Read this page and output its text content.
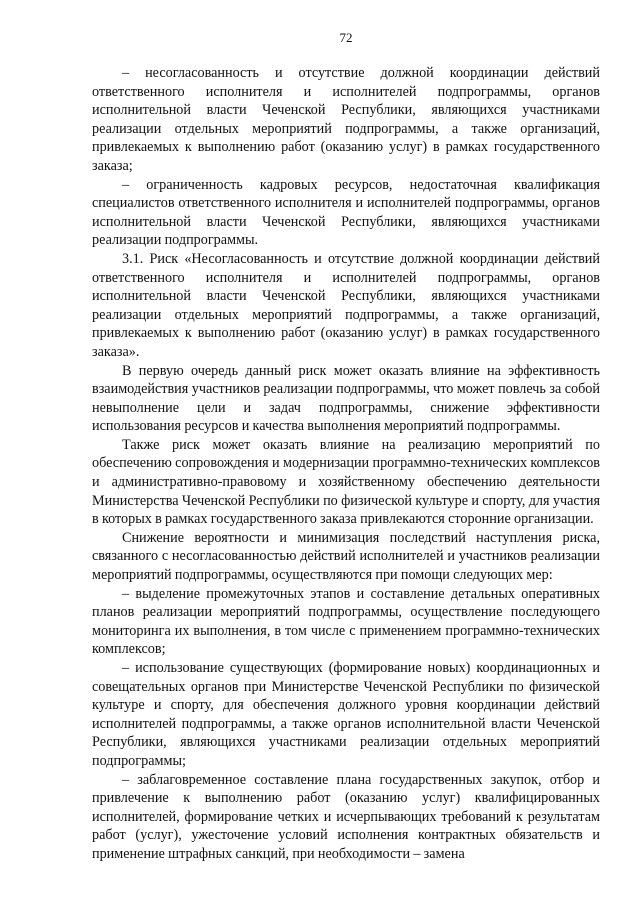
72

– несогласованность и отсутствие должной координации действий ответственного исполнителя и исполнителей подпрограммы, органов исполнительной власти Чеченской Республики, являющихся участниками реализации отдельных мероприятий подпрограммы, а также организаций, привлекаемых к выполнению работ (оказанию услуг) в рамках государственного заказа;

– ограниченность кадровых ресурсов, недостаточная квалификация специалистов ответственного исполнителя и исполнителей подпрограммы, органов исполнительной власти Чеченской Республики, являющихся участниками реализации подпрограммы.

3.1. Риск «Несогласованность и отсутствие должной координации действий ответственного исполнителя и исполнителей подпрограммы, органов исполнительной власти Чеченской Республики, являющихся участниками реализации отдельных мероприятий подпрограммы, а также организаций, привлекаемых к выполнению работ (оказанию услуг) в рамках государственного заказа».

В первую очередь данный риск может оказать влияние на эффективность взаимодействия участников реализации подпрограммы, что может повлечь за собой невыполнение цели и задач подпрограммы, снижение эффективности использования ресурсов и качества выполнения мероприятий подпрограммы.

Также риск может оказать влияние на реализацию мероприятий по обеспечению сопровождения и модернизации программно-технических комплексов и административно-правовому и хозяйственному обеспечению деятельности Министерства Чеченской Республики по физической культуре и спорту, для участия в которых в рамках государственного заказа привлекаются сторонние организации.

Снижение вероятности и минимизация последствий наступления риска, связанного с несогласованностью действий исполнителей и участников реализации мероприятий подпрограммы, осуществляются при помощи следующих мер:

– выделение промежуточных этапов и составление детальных оперативных планов реализации мероприятий подпрограммы, осуществление последующего мониторинга их выполнения, в том числе с применением программно-технических комплексов;

– использование существующих (формирование новых) координационных и совещательных органов при Министерстве Чеченской Республики по физической культуре и спорту, для обеспечения должного уровня координации действий исполнителей подпрограммы, а также органов исполнительной власти Чеченской Республики, являющихся участниками реализации отдельных мероприятий подпрограммы;

– заблаговременное составление плана государственных закупок, отбор и привлечение к выполнению работ (оказанию услуг) квалифицированных исполнителей, формирование четких и исчерпывающих требований к результатам работ (услуг), ужесточение условий исполнения контрактных обязательств и применение штрафных санкций, при необходимости – замена
